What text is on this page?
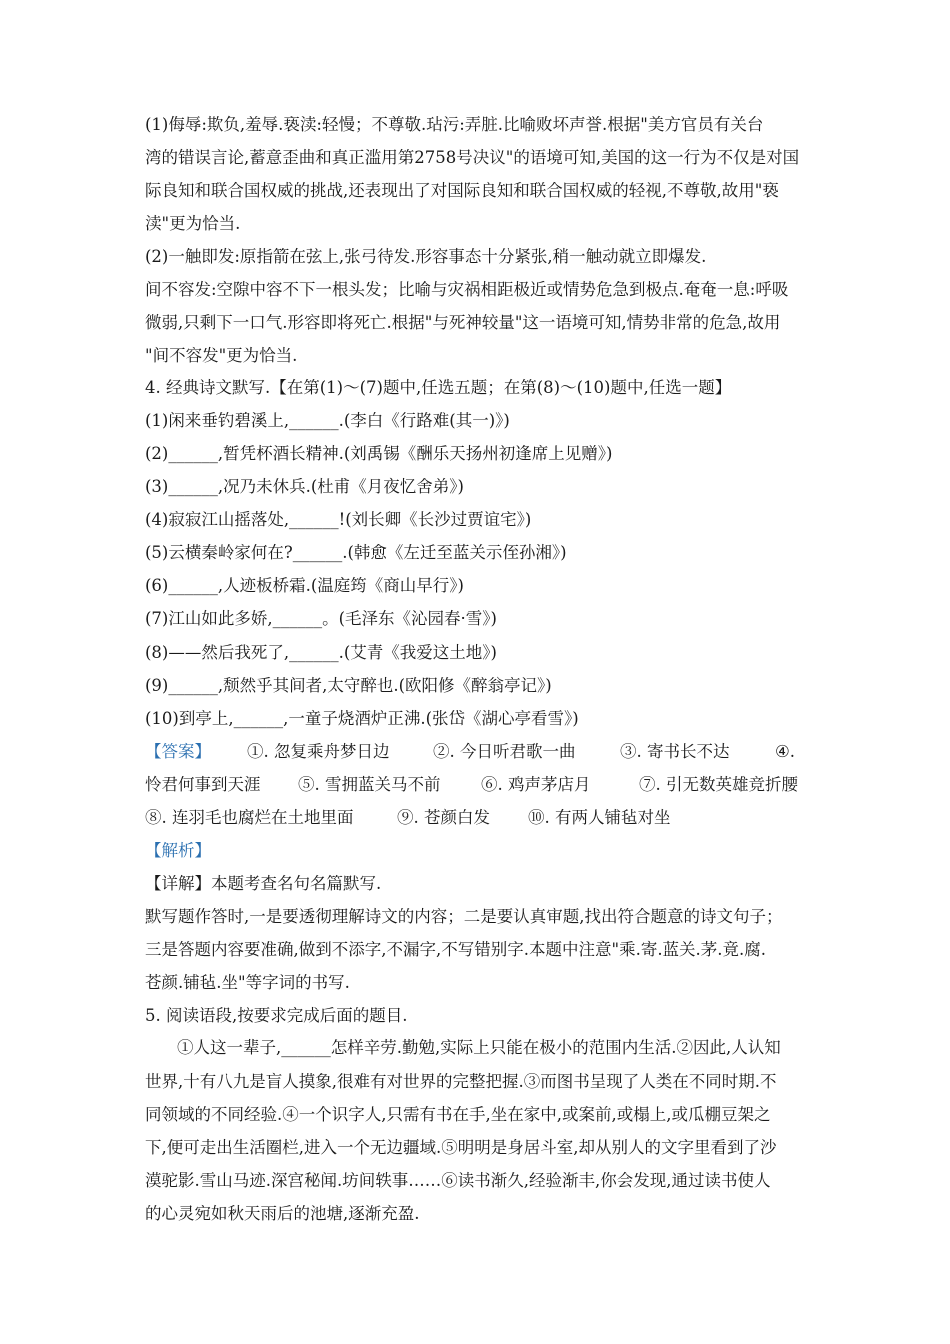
(1)侮辱:欺负,羞辱.亵渎:轻慢；不尊敬.玷污:弄脏.比喻败坏声誉.根据"美方官员有关台
湾的错误言论,蓄意歪曲和真正滥用第2758号决议"的语境可知,美国的这一行为不仅是对国
际良知和联合国权威的挑战,还表现出了对国际良知和联合国权威的轻视,不尊敬,故用"亵
渎"更为恰当.
(2)一触即发:原指箭在弦上,张弓待发.形容事态十分紧张,稍一触动就立即爆发.
间不容发:空隙中容不下一根头发；比喻与灾祸相距极近或情势危急到极点.奄奄一息:呼吸
微弱,只剩下一口气.形容即将死亡.根据"与死神较量"这一语境可知,情势非常的危急,故用
"间不容发"更为恰当.
4. 经典诗文默写.【在第(1)～(7)题中,任选五题；在第(8)～(10)题中,任选一题】
(1)闲来垂钓碧溪上,______.(李白《行路难(其一)》)
(2)______,暂凭杯酒长精神.(刘禹锡《酬乐天扬州初逢席上见赠》)
(3)______,况乃未休兵.(杜甫《月夜忆舍弟》)
(4)寂寂江山摇落处,______!(刘长卿《长沙过贾谊宅》)
(5)云横秦岭家何在?______.(韩愈《左迁至蓝关示侄孙湘》)
(6)______,人迹板桥霜.(温庭筠《商山早行》)
(7)江山如此多娇,______。(毛泽东《沁园春·雪》)
(8)——然后我死了,______.(艾青《我爱这土地》)
(9)______,颓然乎其间者,太守醉也.(欧阳修《醉翁亭记》)
(10)到亭上,______,一童子烧酒炉正沸.(张岱《湖心亭看雪》)
【答案】 ①. 忽复乘舟梦日边	②. 今日听君歌一曲	③. 寄书长不达	④.
怜君何事到天涯 ⑤. 雪拥蓝关马不前 ⑥. 鸡声茅店月	⑦. 引无数英雄竞折腰
⑧. 连羽毛也腐烂在土地里面	⑨. 苍颜白发 ⑩. 有两人铺毡对坐
【解析】
【详解】本题考查名句名篇默写.
默写题作答时,一是要透彻理解诗文的内容；二是要认真审题,找出符合题意的诗文句子；
三是答题内容要准确,做到不添字,不漏字,不写错别字.本题中注意"乘.寄.蓝关.茅.竟.腐.
苍颜.铺毡.坐"等字词的书写.
5. 阅读语段,按要求完成后面的题目.
①人这一辈子,______怎样辛劳.勤勉,实际上只能在极小的范围内生活.②因此,人认知
世界,十有八九是盲人摸象,很难有对世界的完整把握.③而图书呈现了人类在不同时期.不
同领域的不同经验.④一个识字人,只需有书在手,坐在家中,或案前,或榻上,或瓜棚豆架之
下,便可走出生活圈栏,进入一个无边疆域.⑤明明是身居斗室,却从别人的文字里看到了沙
漠驼影.雪山马迹.深宫秘闻.坊间轶事……⑥读书渐久,经验渐丰,你会发现,通过读书使人
的心灵宛如秋天雨后的池塘,逐渐充盈.
